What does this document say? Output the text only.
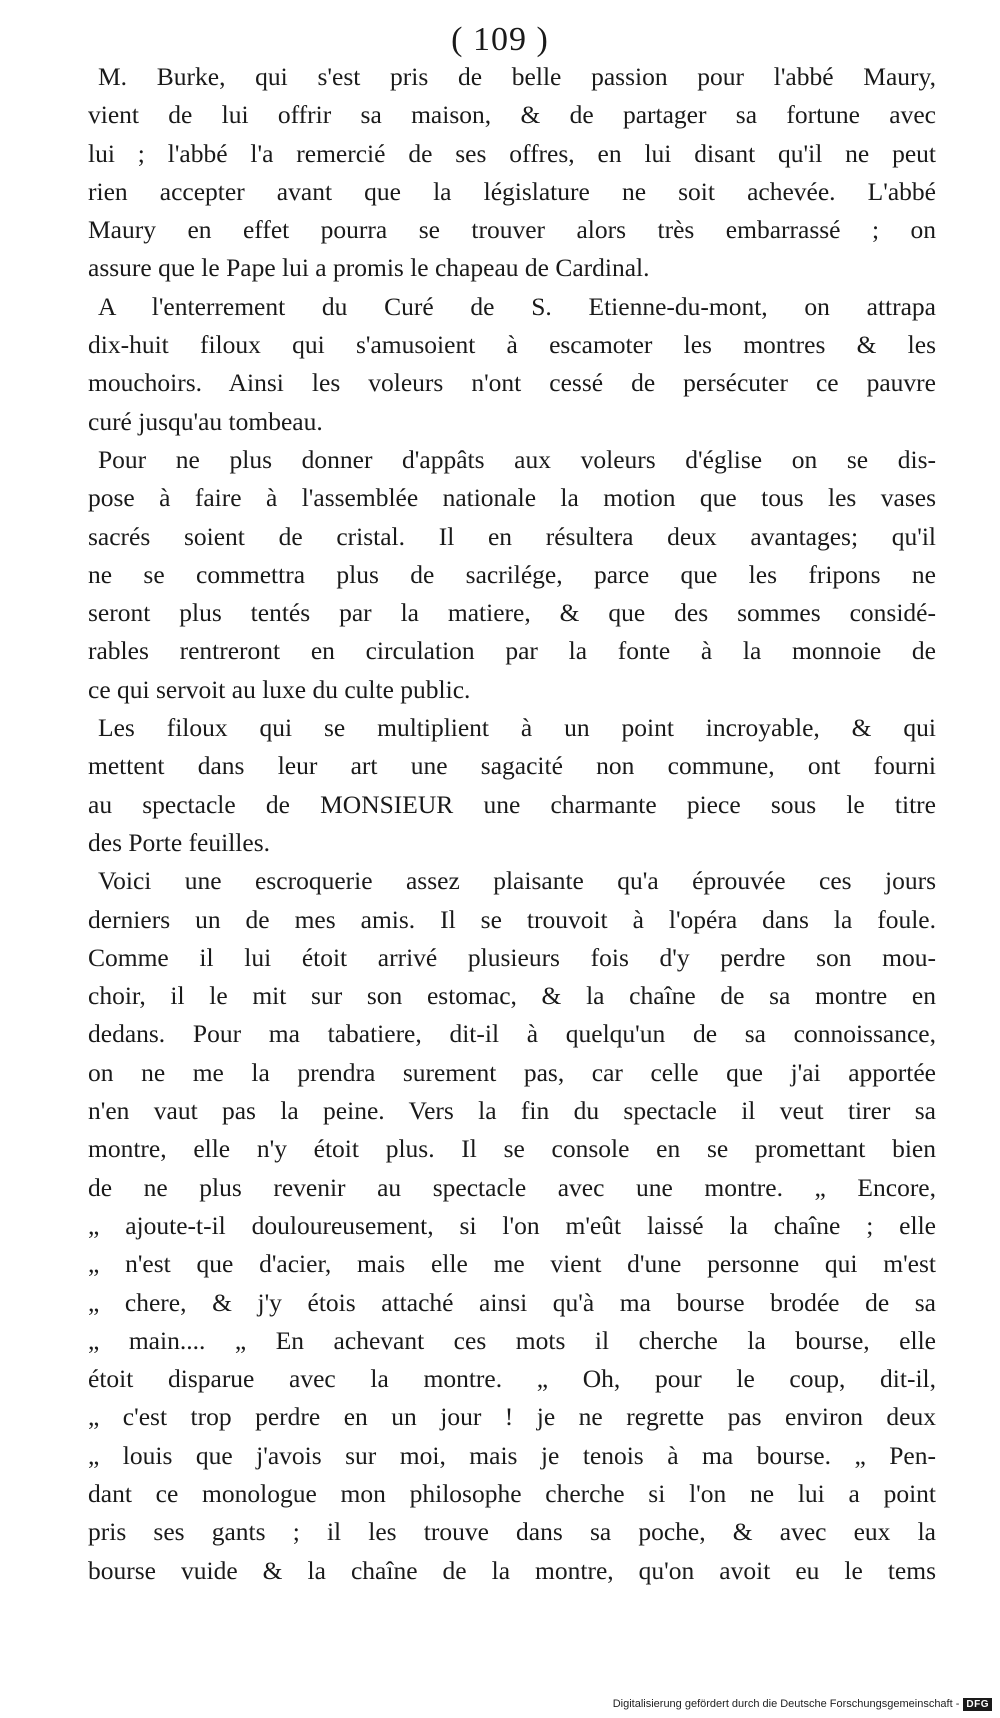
( 109 )
M. Burke, qui s'est pris de belle passion pour l'abbé Maury,
vient de lui offrir sa maison, & de partager sa fortune avec
lui ; l'abbé l'a remercié de ses offres, en lui disant qu'il ne peut
rien accepter avant que la législature ne soit achevée. L'abbé
Maury en effet pourra se trouver alors très embarrassé ; on
assure que le Pape lui a promis le chapeau de Cardinal.
A l'enterrement du Curé de S. Etienne-du-mont, on attrapa
dix-huit filoux qui s'amusoient à escamoter les montres & les
mouchoirs. Ainsi les voleurs n'ont cessé de persécuter ce pauvre
curé jusqu'au tombeau.
Pour ne plus donner d'appâts aux voleurs d'église on se dis-
pose à faire à l'assemblée nationale la motion que tous les vases
sacrés soient de cristal. Il en résultera deux avantages; qu'il
ne se commettra plus de sacrilége, parce que les fripons ne
seront plus tentés par la matiere, & que des sommes considé-
rables rentreront en circulation par la fonte à la monnoie de
ce qui servoit au luxe du culte public.
Les filoux qui se multiplient à un point incroyable, & qui
mettent dans leur art une sagacité non commune, ont fourni
au spectacle de MONSIEUR une charmante piece sous le titre
des Porte feuilles.
Voici une escroquerie assez plaisante qu'a éprouvée ces jours
derniers un de mes amis. Il se trouvoit à l'opéra dans la foule.
Comme il lui étoit arrivé plusieurs fois d'y perdre son mou-
choir, il le mit sur son estomac, & la chaîne de sa montre en
dedans. Pour ma tabatiere, dit-il à quelqu'un de sa connoissance,
on ne me la prendra surement pas, car celle que j'ai apportée
n'en vaut pas la peine. Vers la fin du spectacle il veut tirer sa
montre, elle n'y étoit plus. Il se console en se promettant bien
de ne plus revenir au spectacle avec une montre. „ Encore,
„ ajoute-t-il douloureusement, si l'on m'eût laissé la chaîne ; elle
„ n'est que d'acier, mais elle me vient d'une personne qui m'est
„ chere, & j'y étois attaché ainsi qu'à ma bourse brodée de sa
„ main.... „ En achevant ces mots il cherche la bourse, elle
étoit disparue avec la montre. „ Oh, pour le coup, dit-il,
„ c'est trop perdre en un jour ! je ne regrette pas environ deux
„ louis que j'avois sur moi, mais je tenois à ma bourse. „ Pen-
dant ce monologue mon philosophe cherche si l'on ne lui a point
pris ses gants ; il les trouve dans sa poche, & avec eux la
bourse vuide & la chaîne de la montre, qu'on avoit eu le tems
Digitalisierung gefördert durch die Deutsche Forschungsgemeinschaft - DFG
